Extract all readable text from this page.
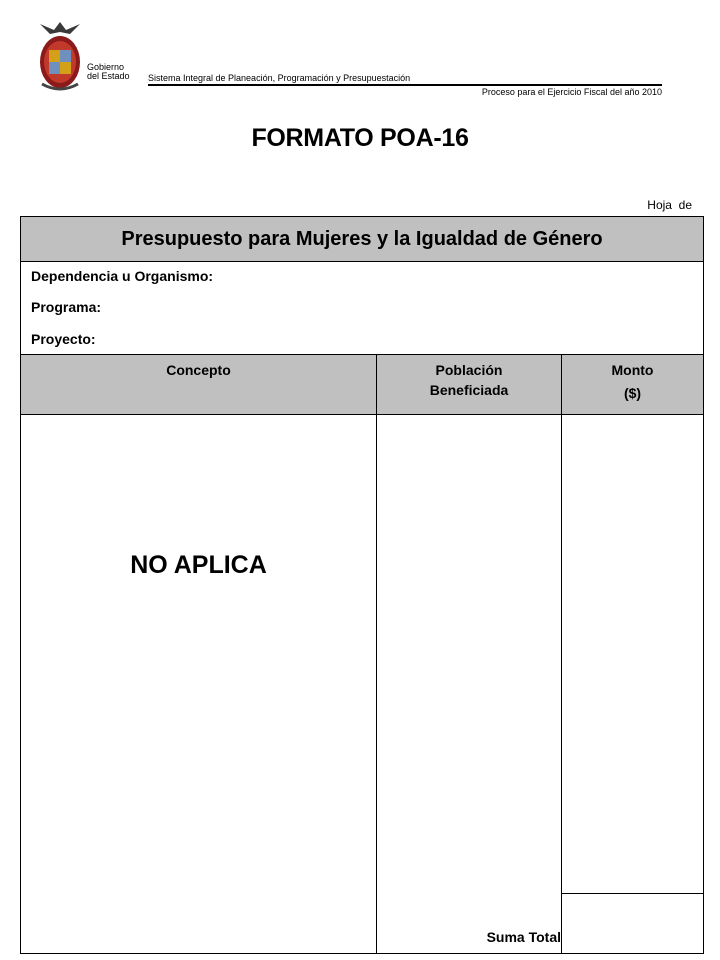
Gobierno
del Estado Sistema Integral de Planeación, Programación y Presupuestación
Proceso para el Ejercicio Fiscal del año 2010
FORMATO POA-16
Hoja  de
Presupuesto para Mujeres y la Igualdad de Género
Dependencia u Organismo:
Programa:
Proyecto:
Concepto	Población
Beneficiada
Monto
($)
NO APLICA
Suma Total
